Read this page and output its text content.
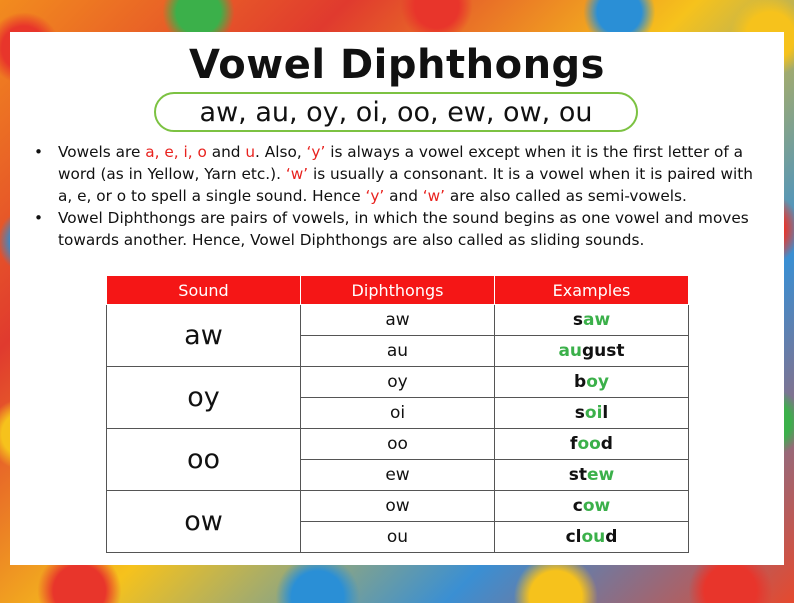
Vowel Diphthongs
aw, au, oy, oi, oo, ew, ow, ou
• Vowels are a, e, i, o and u. Also, ‘y’ is always a vowel except when it is the first letter of a word (as in Yellow, Yarn etc.). ‘w’ is usually a consonant. It is a vowel when it is paired with a, e, or o to spell a single sound. Hence ‘y’ and ‘w’ are also called as semi-vowels.
• Vowel Diphthongs are pairs of vowels, in which the sound begins as one vowel and moves towards another. Hence, Vowel Diphthongs are also called as sliding sounds.
Sound	Diphthongs	Examples
aw	aw	saw
	au	august
oy	oy	boy
	oi	soil
oo	oo	food
	ew	stew
ow	ow	cow
	ou	cloud
